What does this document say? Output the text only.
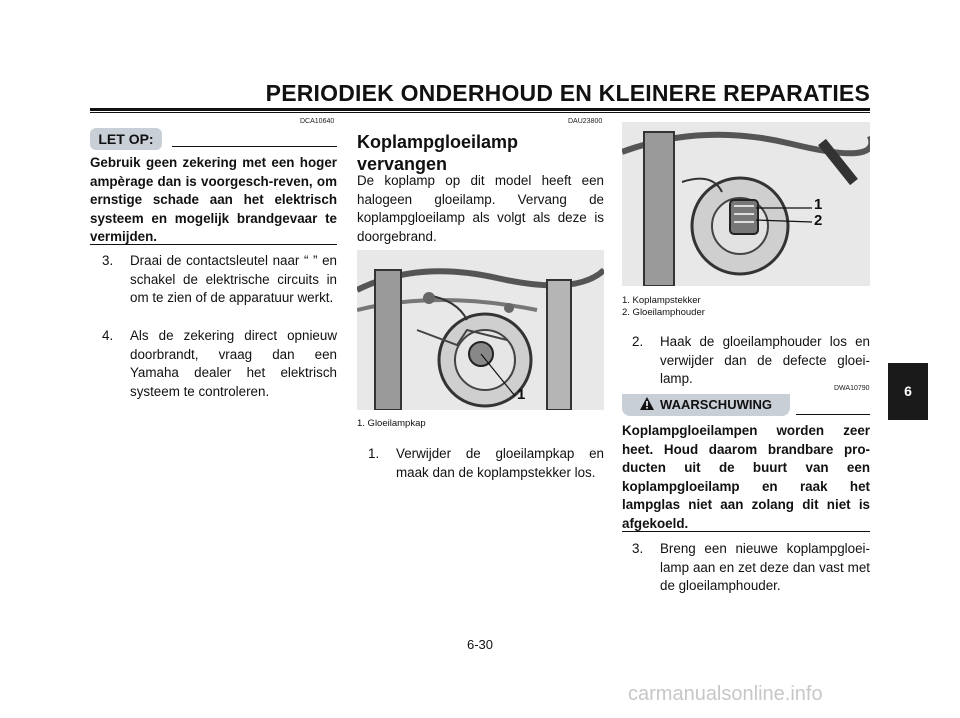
PERIODIEK ONDERHOUD EN KLEINERE REPARATIES
DCA10640
LET OP:
Gebruik geen zekering met een hoger ampèrage dan is voorgesch-reven, om ernstige schade aan het elektrisch systeem en mogelijk brandgevaar te vermijden.
3.	Draai de contactsleutel naar “ ” en schakel de elektrische circuits in om te zien of de apparatuur werkt.
4.	Als de zekering direct opnieuw doorbrandt, vraag dan een Yamaha dealer het elektrisch systeem te controleren.
DAU23800
Koplampgloeilamp
vervangen
De koplamp op dit model heeft een halogeen gloeilamp. Vervang de koplampgloeilamp als volgt als deze is doorgebrand.
1
1. Gloeilampkap
1.	Verwijder de gloeilampkap en maak dan de koplampstekker los.
1
2
1. Koplampstekker
2. Gloeilamphouder
2.	Haak de gloeilamphouder los en verwijder dan de defecte gloei-lamp.
DWA10790
WAARSCHUWING
Koplampgloeilampen worden zeer heet. Houd daarom brandbare pro-ducten uit de buurt van een koplampgloeilamp en raak het lampglas niet aan zolang dit niet is afgekoeld.
3.	Breng een nieuwe koplampgloei-lamp aan en zet deze dan vast met de gloeilamphouder.
6
6-30
carmanualsonline.info
